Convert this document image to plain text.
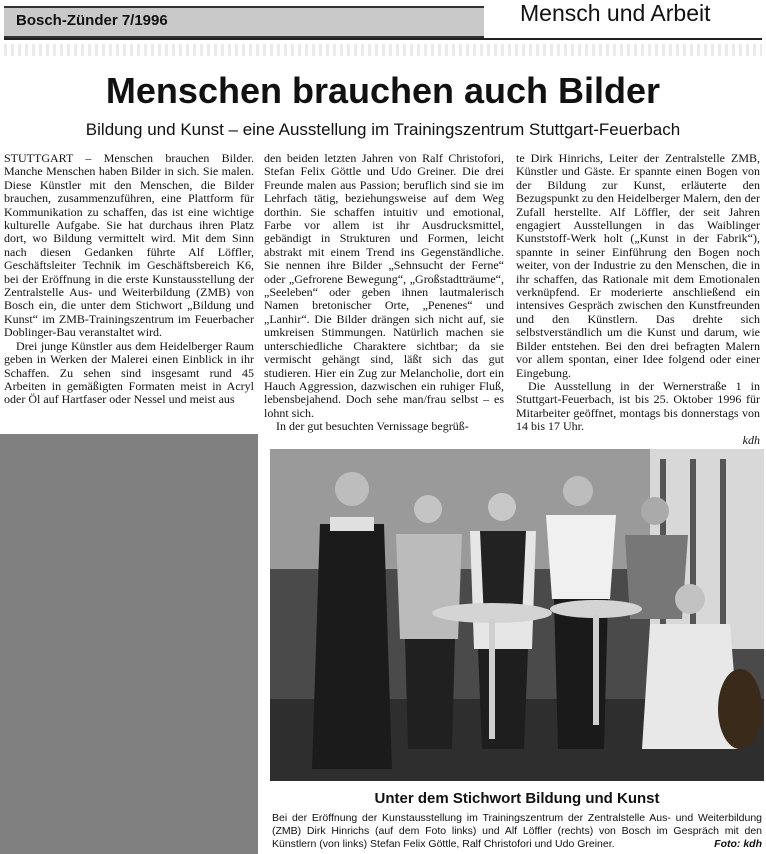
Bosch-Zünder 7/1996	Mensch und Arbeit
Menschen brauchen auch Bilder
Bildung und Kunst – eine Ausstellung im Trainingszentrum Stuttgart-Feuerbach

STUTTGART – Menschen brauchen Bilder. Manche Menschen haben Bilder in sich. Sie malen. Diese Künstler mit den Menschen, die Bilder brauchen, zusammenzuführen, eine Plattform für Kommunikation zu schaffen, das ist eine wichtige kulturelle Aufgabe. Sie hat durchaus ihren Platz dort, wo Bildung vermittelt wird. Mit dem Sinn nach diesen Gedanken führte Alf Löffler, Geschäftsleiter Technik im Geschäftsbereich K6, bei der Eröffnung in die erste Kunstausstellung der Zentralstelle Aus- und Weiterbildung (ZMB) von Bosch ein, die unter dem Stichwort „Bildung und Kunst“ im ZMB-Trainingszentrum im Feuerbacher Doblinger-Bau veranstaltet wird.

Drei junge Künstler aus dem Heidelberger Raum geben in Werken der Malerei einen Einblick in ihr Schaffen. Zu sehen sind insgesamt rund 45 Arbeiten in gemäßigten Formaten meist in Acryl oder Öl auf Hartfaser oder Nessel und meist aus

den beiden letzten Jahren von Ralf Christofori, Stefan Felix Göttle und Udo Greiner. Die drei Freunde malen aus Passion; beruflich sind sie im Lehrfach tätig, beziehungsweise auf dem Weg dorthin. Sie schaffen intuitiv und emotional, Farbe vor allem ist ihr Ausdrucksmittel, gebändigt in Strukturen und Formen, leicht abstrakt mit einem Trend ins Gegenständliche. Sie nennen ihre Bilder „Sehnsucht der Ferne“ oder „Gefrorene Bewegung“, „Großstadtträume“, „Seeleben“ oder geben ihnen lautmalerisch Namen bretonischer Orte, „Penenes“ und „Lanhir“. Die Bilder drängen sich nicht auf, sie umkreisen Stimmungen. Natürlich machen sie unterschiedliche Charaktere sichtbar; da sie vermischt gehängt sind, läßt sich das gut studieren. Hier ein Zug zur Melancholie, dort ein Hauch Aggression, dazwischen ein ruhiger Fluß, lebensbejahend. Doch sehe man/frau selbst – es lohnt sich.

In der gut besuchten Vernissage begrüß-

te Dirk Hinrichs, Leiter der Zentralstelle ZMB, Künstler und Gäste. Er spannte einen Bogen von der Bildung zur Kunst, erläuterte den Bezugspunkt zu den Heidelberger Malern, den der Zufall herstellte. Alf Löffler, der seit Jahren engagiert Ausstellungen in das Waiblinger Kunststoff-Werk holt („Kunst in der Fabrik“), spannte in seiner Einführung den Bogen noch weiter, von der Industrie zu den Menschen, die in ihr schaffen, das Rationale mit dem Emotionalen verknüpfend. Er moderierte anschließend ein intensives Gespräch zwischen den Kunstfreunden und den Künstlern. Das drehte sich selbstverständlich um die Kunst und darum, wie Bilder entstehen. Bei den drei befragten Malern vor allem spontan, einer Idee folgend oder einer Eingebung.

Die Ausstellung in der Wernerstraße 1 in Stuttgart-Feuerbach, ist bis 25. Oktober 1996 für Mitarbeiter geöffnet, montags bis donnerstags von 14 bis 17 Uhr.

kdh
Unter dem Stichwort Bildung und Kunst
Bei der Eröffnung der Kunstausstellung im Trainingszentrum der Zentralstelle Aus- und Weiterbildung (ZMB) Dirk Hinrichs (auf dem Foto links) und Alf Löffler (rechts) von Bosch im Gespräch mit den Künstlern (von links) Stefan Felix Göttle, Ralf Christofori und Udo Greiner.	Foto: kdh
